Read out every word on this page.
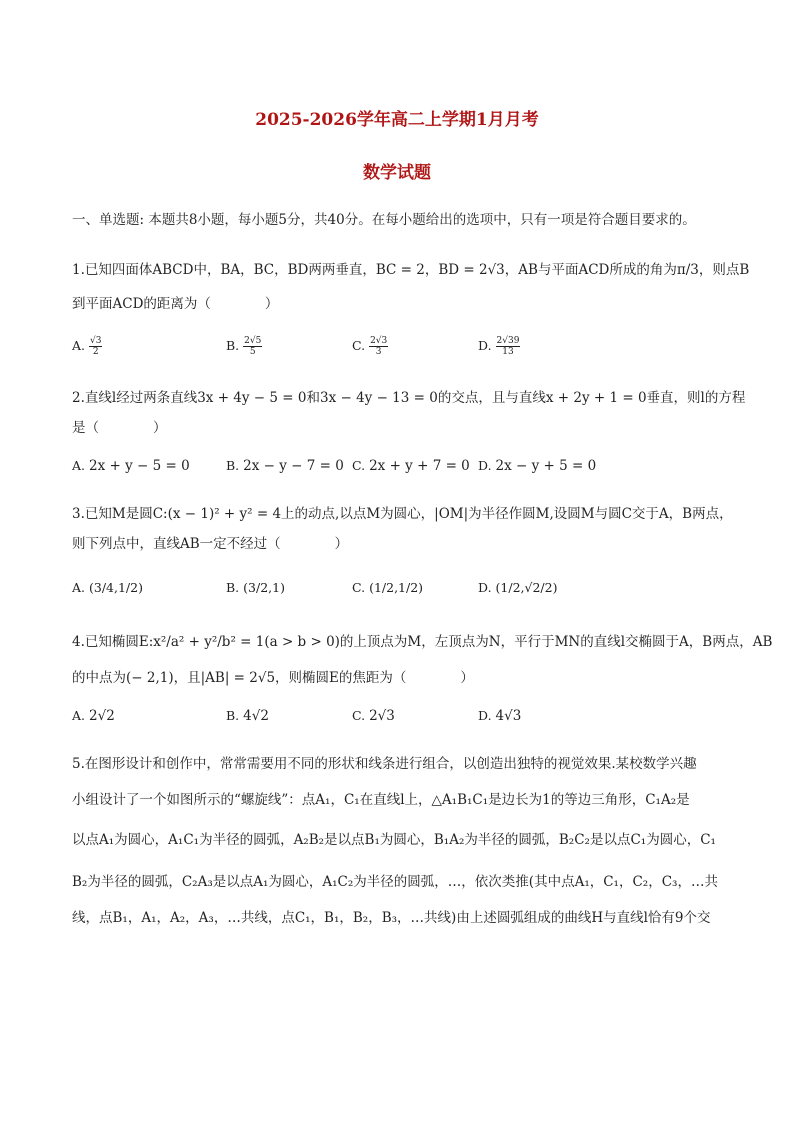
2025-2026学年高二上学期1月月考
数学试题
一、单选题: 本题共8小题，每小题5分，共40分。在每小题给出的选项中，只有一项是符合题目要求的。
1.已知四面体ABCD中，BA，BC，BD两两垂直，BC = 2，BD = 2√3，AB与平面ACD所成的角为π/3，则点B
到平面ACD的距离为（　　　　）
A. $\frac{√3}{2}$	B. $\frac{2√5}{5}$	C. $\frac{2√3}{3}$	D. $\frac{2√39}{13}$
2.直线l经过两条直线3x + 4y − 5 = 0和3x − 4y − 13 = 0的交点，且与直线x + 2y + 1 = 0垂直，则l的方程
是（　　　　）
A. 2x + y − 5 = 0	B. 2x − y − 7 = 0 C. 2x + y + 7 = 0 D. 2x − y + 5 = 0
3.已知M是圆C:(x − 1)² + y² = 4上的动点,以点M为圆心，|OM|为半径作圆M,设圆M与圆C交于A，B两点，
则下列点中，直线AB一定不经过（　　　　）
A. (3/4,1/2)	B. (3/2,1)	C. (1/2,1/2)	D. (1/2,√2/2)
4.已知椭圆E:x²/a² + y²/b² = 1(a > b > 0)的上顶点为M，左顶点为N，平行于MN的直线l交椭圆于A，B两点，AB
的中点为(− 2,1)，且|AB| = 2√5，则椭圆E的焦距为（　　　　）
A. 2√2	B. 4√2	C. 2√3	D. 4√3
5.在图形设计和创作中，常常需要用不同的形状和线条进行组合，以创造出独特的视觉效果.某校数学兴趣
小组设计了一个如图所示的“螺旋线”：点A₁，C₁在直线l上，△A₁B₁C₁是边长为1的等边三角形，C₁A₂是
以点A₁为圆心，A₁C₁为半径的圆弧，A₂B₂是以点B₁为圆心，B₁A₂为半径的圆弧，B₂C₂是以点C₁为圆心，C₁
B₂为半径的圆弧，C₂A₃是以点A₁为圆心，A₁C₂为半径的圆弧，…，依次类推(其中点A₁，C₁，C₂，C₃，…共
线，点B₁，A₁，A₂，A₃，…共线，点C₁，B₁，B₂，B₃，…共线)由上述圆弧组成的曲线H与直线l恰有9个交
